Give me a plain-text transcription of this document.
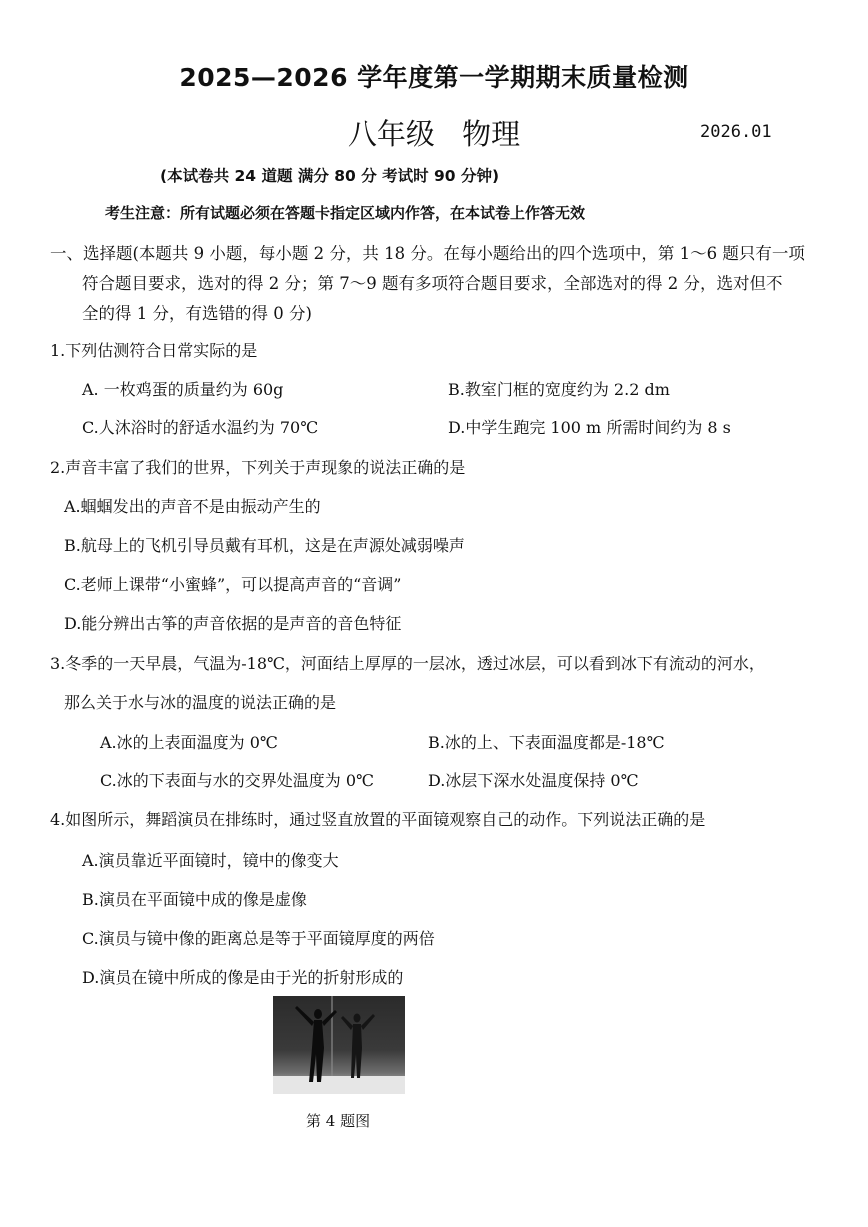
2025—2026 学年度第一学期期末质量检测
八年级 物理	2026.01
(本试卷共 24 道题 满分 80 分 考试时 90 分钟)
考生注意：所有试题必须在答题卡指定区域内作答，在本试卷上作答无效
一、选择题(本题共 9 小题，每小题 2 分，共 18 分。在每小题给出的四个选项中，第 1～6 题只有一项
符合题目要求，选对的得 2 分；第 7～9 题有多项符合题目要求，全部选对的得 2 分，选对但不
全的得 1 分，有选错的得 0 分)
1.下列估测符合日常实际的是
A. 一枚鸡蛋的质量约为 60g	B.教室门框的宽度约为 2.2 dm
C.人沐浴时的舒适水温约为 70℃	D.中学生跑完 100 m 所需时间约为 8 s
2.声音丰富了我们的世界，下列关于声现象的说法正确的是
A.蝈蝈发出的声音不是由振动产生的
B.航母上的飞机引导员戴有耳机，这是在声源处减弱噪声
C.老师上课带“小蜜蜂”，可以提高声音的“音调”
D.能分辨出古筝的声音依据的是声音的音色特征
3.冬季的一天早晨，气温为-18℃，河面结上厚厚的一层冰，透过冰层，可以看到冰下有流动的河水，
那么关于水与冰的温度的说法正确的是
A.冰的上表面温度为 0℃	B.冰的上、下表面温度都是-18℃
C.冰的下表面与水的交界处温度为 0℃	D.冰层下深水处温度保持 0℃
4.如图所示，舞蹈演员在排练时，通过竖直放置的平面镜观察自己的动作。下列说法正确的是
A.演员靠近平面镜时，镜中的像变大
B.演员在平面镜中成的像是虚像
C.演员与镜中像的距离总是等于平面镜厚度的两倍
D.演员在镜中所成的像是由于光的折射形成的
第 4 题图
